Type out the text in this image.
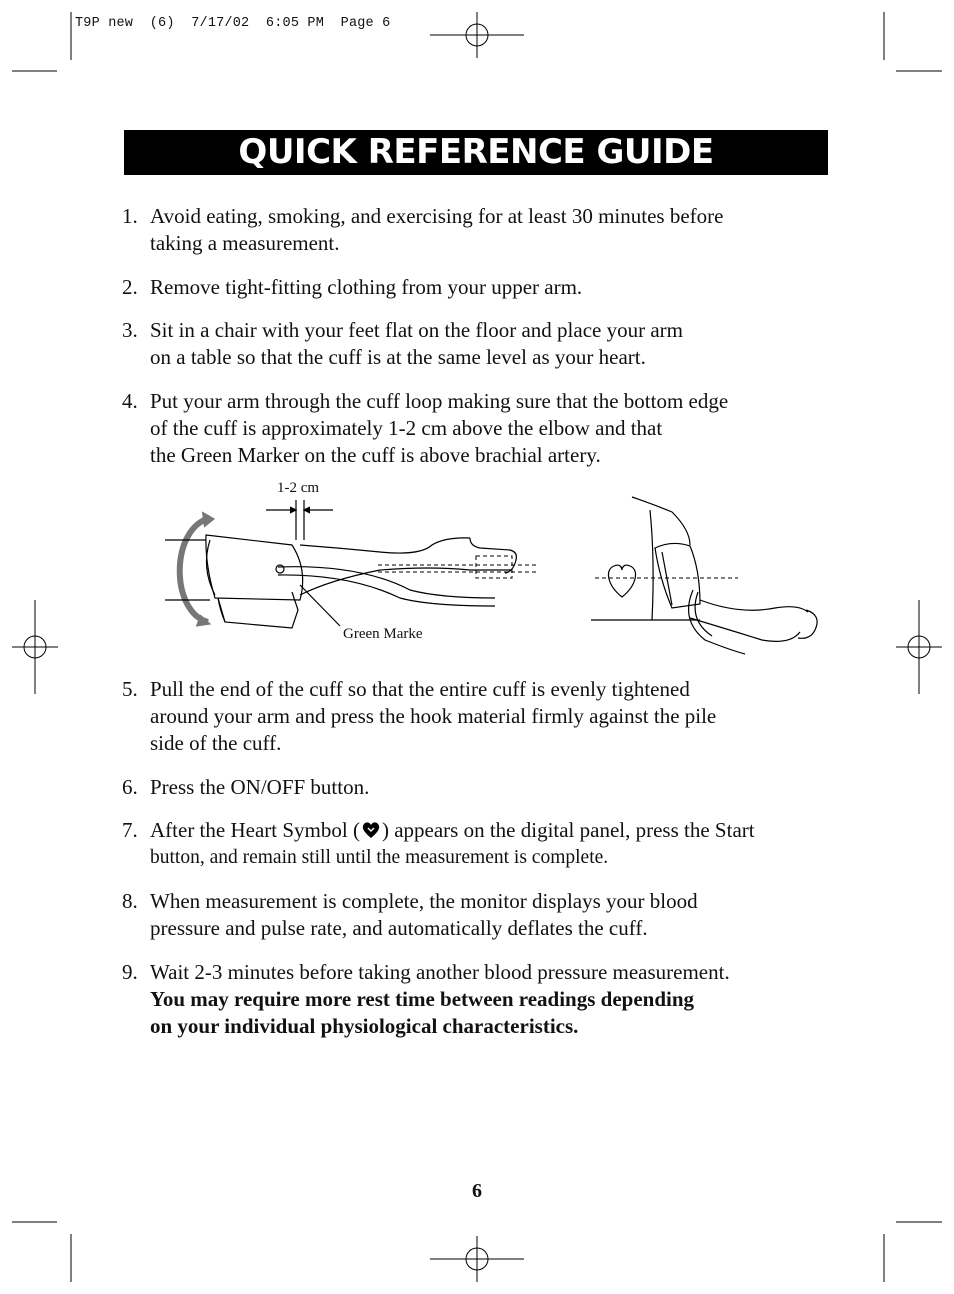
T9P new  (6)  7/17/02  6:05 PM  Page 6
QUICK REFERENCE GUIDE
1. Avoid eating, smoking, and exercising for at least 30 minutes before
taking a measurement.
2. Remove tight-fitting clothing from your upper arm.
3. Sit in a chair with your feet flat on the floor and place your arm
on a table so that the cuff is at the same level as your heart.
4. Put your arm through the cuff loop making sure that the bottom edge
of the cuff is approximately 1-2 cm above the elbow and that
the Green Marker on the cuff is above brachial artery.
1-2 cm
Green Marke
5. Pull the end of the cuff so that the entire cuff is evenly tightened
around your arm and press the hook material firmly against the pile
side of the cuff.
6. Press the ON/OFF button.
7. After the Heart Symbol ( ) appears on the digital panel, press the Start
button, and remain still until the measurement is complete.
8. When measurement is complete, the monitor displays your blood
pressure and pulse rate, and automatically deflates the cuff.
9. Wait 2-3 minutes before taking another blood pressure measurement.
You may require more rest time between readings depending
on your individual physiological characteristics.
6
